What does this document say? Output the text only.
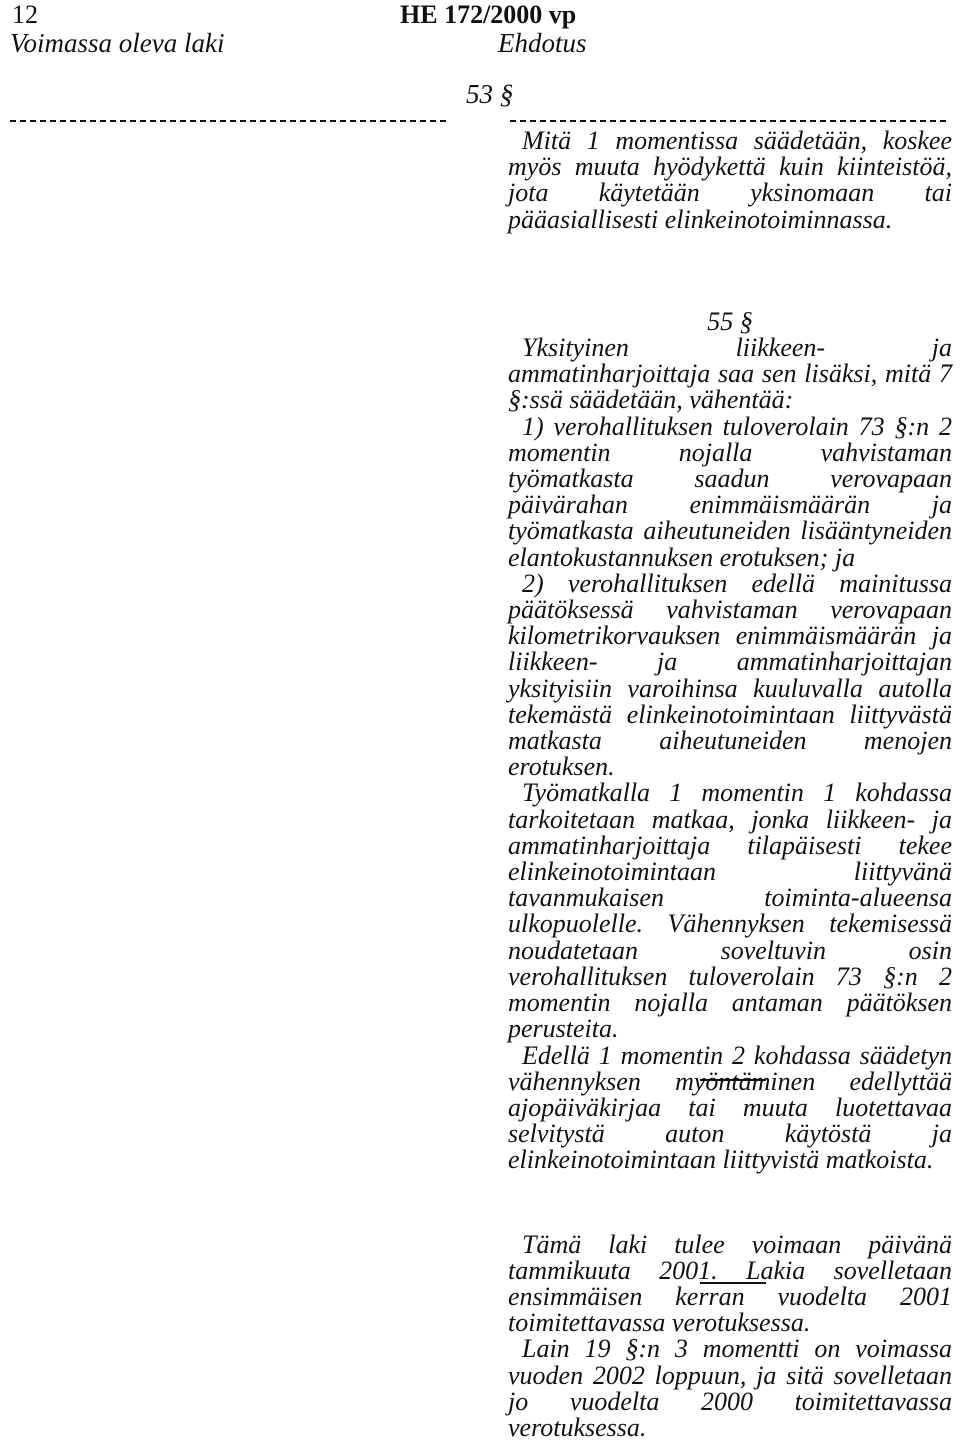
12	HE 172/2000 vp
Voimassa oleva laki	Ehdotus
53 §

Mitä 1 momentissa säädetään, koskee myös muuta hyödykettä kuin kiinteistöä, jota käytetään yksinomaan tai pääasiallisesti elinkeinotoiminnassa.

55 §

Yksityinen liikkeen- ja ammatinharjoittaja saa sen lisäksi, mitä 7 §:ssä säädetään, vähentää:

1) verohallituksen tuloverolain 73 §:n 2 momentin nojalla vahvistaman työmatkasta saadun verovapaan päivärahan enimmäismäärän ja työmatkasta aiheutuneiden lisääntyneiden elantokustannuksen erotuksen; ja

2) verohallituksen edellä mainitussa päätöksessä vahvistaman verovapaan kilometrikorvauksen enimmäismäärän ja liikkeen- ja ammatinharjoittajan yksityisiin varoihinsa kuuluvalla autolla tekemästä elinkeinotoimintaan liittyvästä matkasta aiheutuneiden menojen erotuksen.

Työmatkalla 1 momentin 1 kohdassa tarkoitetaan matkaa, jonka liikkeen- ja ammatinharjoittaja tilapäisesti tekee elinkeinotoimintaan liittyvänä tavanmukaisen toiminta-alueensa ulkopuolelle. Vähennyksen tekemisessä noudatetaan soveltuvin osin verohallituksen tuloverolain 73 §:n 2 momentin nojalla antaman päätöksen perusteita.

Edellä 1 momentin 2 kohdassa säädetyn vähennyksen myöntäminen edellyttää ajopäiväkirjaa tai muuta luotettavaa selvitystä auton käytöstä ja elinkeinotoimintaan liittyvistä matkoista.

Tämä laki tulee voimaan päivänä tammikuuta 2001. Lakia sovelletaan ensimmäisen kerran vuodelta 2001 toimitettavassa verotuksessa.

Lain 19 §:n 3 momentti on voimassa vuoden 2002 loppuun, ja sitä sovelletaan jo vuodelta 2000 toimitettavassa verotuksessa.
